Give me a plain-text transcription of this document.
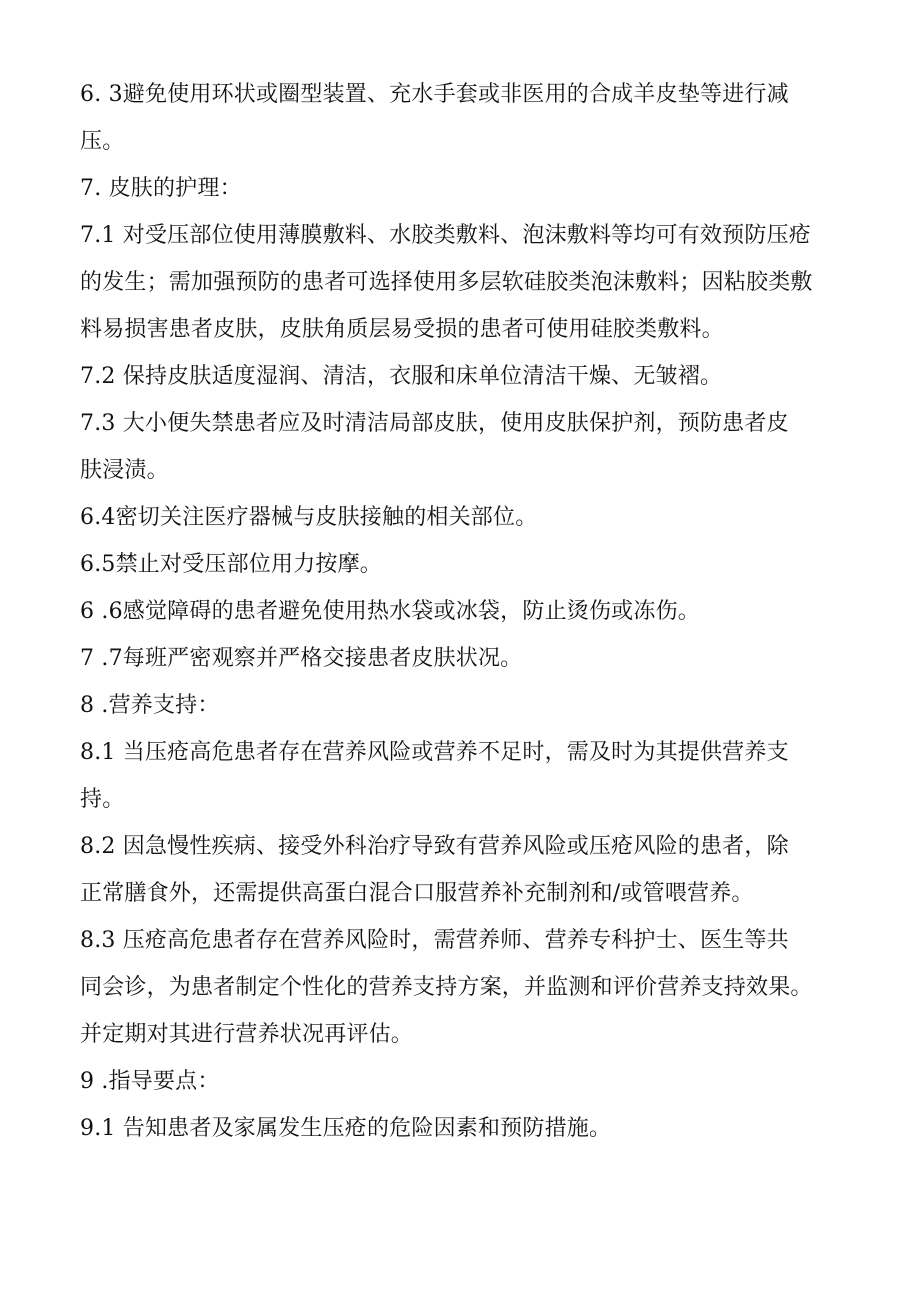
6. 3避免使用环状或圈型装置、充水手套或非医用的合成羊皮垫等进行减
压。
7. 皮肤的护理：
7.1 对受压部位使用薄膜敷料、水胶类敷料、泡沫敷料等均可有效预防压疮
的发生；需加强预防的患者可选择使用多层软硅胶类泡沫敷料；因粘胶类敷
料易损害患者皮肤，皮肤角质层易受损的患者可使用硅胶类敷料。
7.2 保持皮肤适度湿润、清洁，衣服和床单位清洁干燥、无皱褶。
7.3 大小便失禁患者应及时清洁局部皮肤，使用皮肤保护剂，预防患者皮
肤浸渍。
6.4密切关注医疗器械与皮肤接触的相关部位。
6.5禁止对受压部位用力按摩。
6 .6感觉障碍的患者避免使用热水袋或冰袋，防止烫伤或冻伤。
7 .7每班严密观察并严格交接患者皮肤状况。
8 .营养支持：
8.1 当压疮高危患者存在营养风险或营养不足时，需及时为其提供营养支
持。
8.2 因急慢性疾病、接受外科治疗导致有营养风险或压疮风险的患者，除
正常膳食外，还需提供高蛋白混合口服营养补充制剂和/或管喂营养。
8.3 压疮高危患者存在营养风险时，需营养师、营养专科护士、医生等共
同会诊，为患者制定个性化的营养支持方案，并监测和评价营养支持效果。
并定期对其进行营养状况再评估。
9 .指导要点：
9.1 告知患者及家属发生压疮的危险因素和预防措施。
